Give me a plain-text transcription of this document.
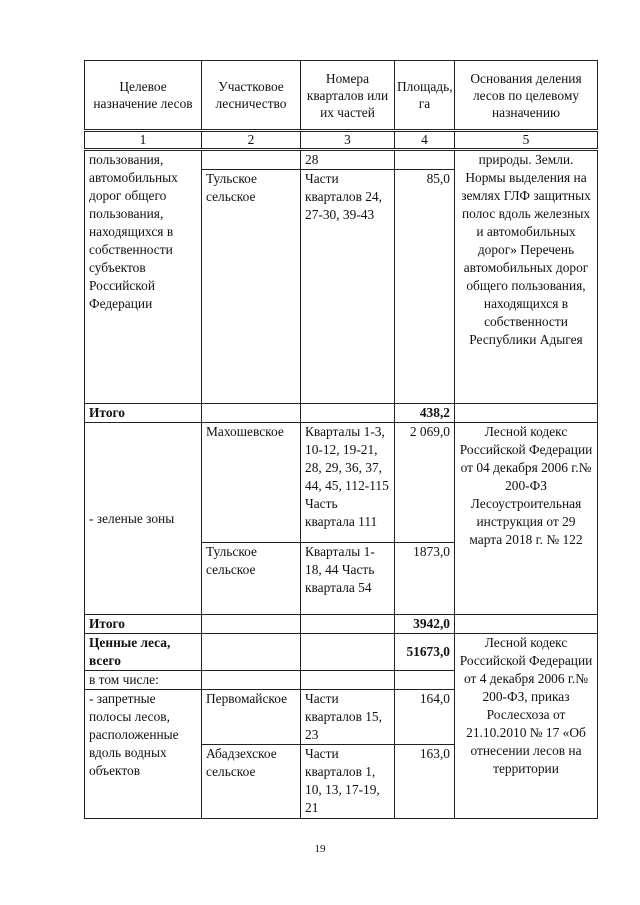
Целевое назначение лесов	Участковое лесничество	Номера кварталов или их частей	Площадь, га	Основания деления лесов по целевому назначению
1	2	3	4	5
пользования, автомобильных дорог общего пользования, находящихся в собственности субъектов Российской Федерации		28		природы. Земли. Нормы выделения на землях ГЛФ защитных полос вдоль железных и автомобильных дорог» Перечень автомобильных дорог общего пользования, находящихся в собственности Республики Адыгея
	Тульское сельское	Части кварталов 24, 27-30, 39-43	85,0	
Итого			438,2	
- зеленые зоны	Махошевское	Кварталы 1-3, 10-12, 19-21, 28, 29, 36, 37, 44, 45, 112-115 Часть квартала 111	2 069,0	Лесной кодекс Российской Федерации от 04 декабря 2006 г.№ 200-ФЗ Лесоустроительная инструкция от 29 марта 2018 г. № 122
	Тульское сельское	Кварталы 1-18, 44 Часть квартала 54	1873,0	
Итого			3942,0	
Ценные леса, всего			51673,0	Лесной кодекс Российской Федерации от 4 декабря 2006 г.№ 200-ФЗ, приказ Рослесхоза от 21.10.2010 № 17 «Об отнесении лесов на территории
в том числе:				
- запретные полосы лесов, расположенные вдоль водных объектов	Первомайское	Части кварталов 15, 23	164,0	
	Абадзехское сельское	Части кварталов 1, 10, 13, 17-19, 21	163,0	
19
